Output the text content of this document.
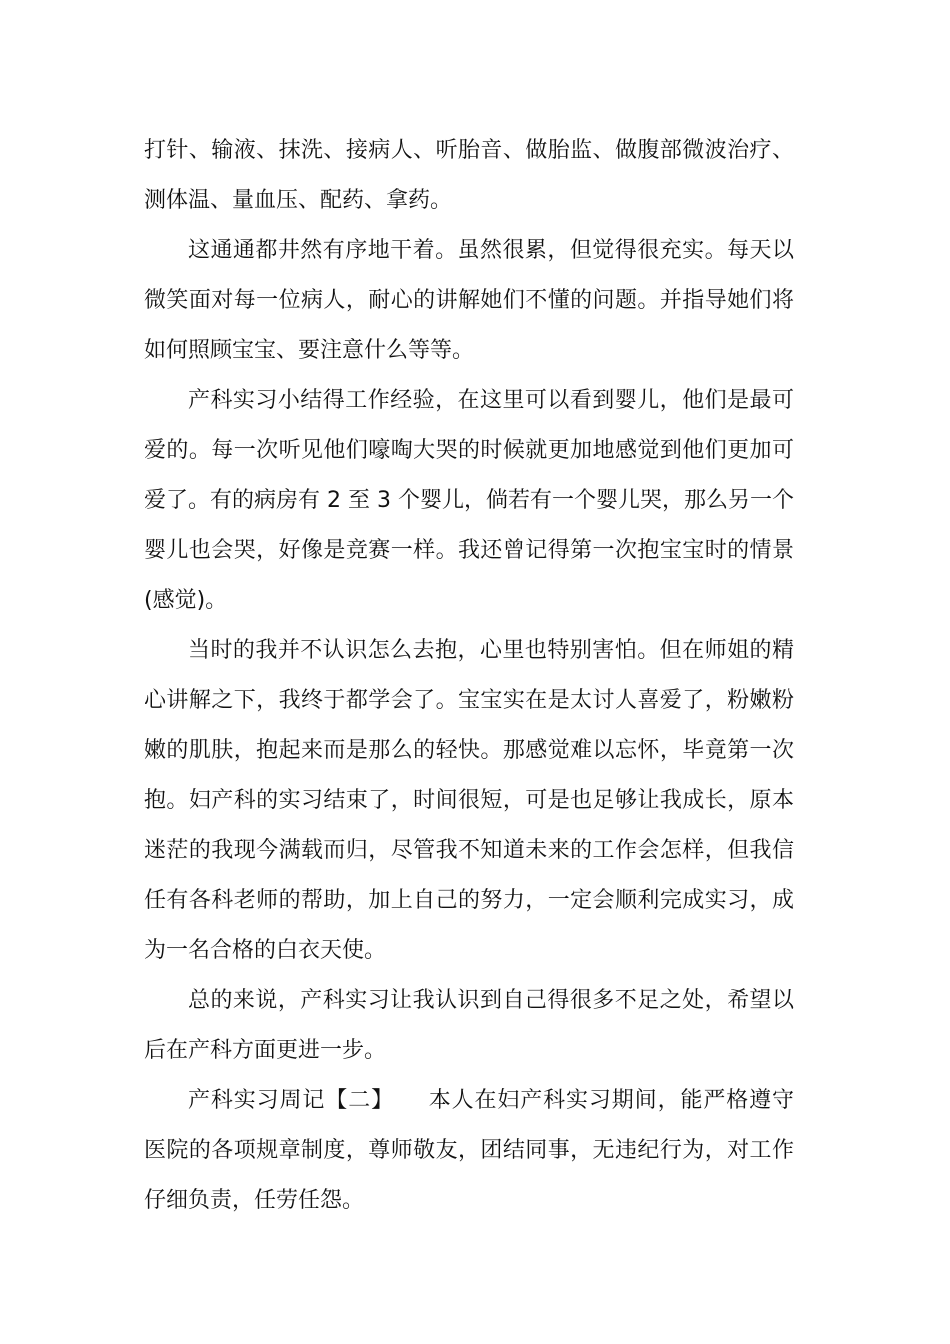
打针、输液、抹洗、接病人、听胎音、做胎监、做腹部微波治疗、
测体温、量血压、配药、拿药。
这通通都井然有序地干着。虽然很累，但觉得很充实。每天以
微笑面对每一位病人，耐心的讲解她们不懂的问题。并指导她们将
如何照顾宝宝、要注意什么等等。
产科实习小结得工作经验，在这里可以看到婴儿，他们是最可
爱的。每一次听见他们嚎啕大哭的时候就更加地感觉到他们更加可
爱了。有的病房有 2 至 3 个婴儿，倘若有一个婴儿哭，那么另一个
婴儿也会哭，好像是竞赛一样。我还曾记得第一次抱宝宝时的情景
(感觉)。
当时的我并不认识怎么去抱，心里也特别害怕。但在师姐的精
心讲解之下，我终于都学会了。宝宝实在是太讨人喜爱了，粉嫩粉
嫩的肌肤，抱起来而是那么的轻快。那感觉难以忘怀，毕竟第一次
抱。妇产科的实习结束了，时间很短，可是也足够让我成长，原本
迷茫的我现今满载而归，尽管我不知道未来的工作会怎样，但我信
任有各科老师的帮助，加上自己的努力，一定会顺利完成实习，成
为一名合格的白衣天使。
总的来说，产科实习让我认识到自己得很多不足之处，希望以
后在产科方面更进一步。
产科实习周记【二】　　本人在妇产科实习期间，能严格遵守
医院的各项规章制度，尊师敬友，团结同事，无违纪行为，对工作
仔细负责，任劳任怨。
